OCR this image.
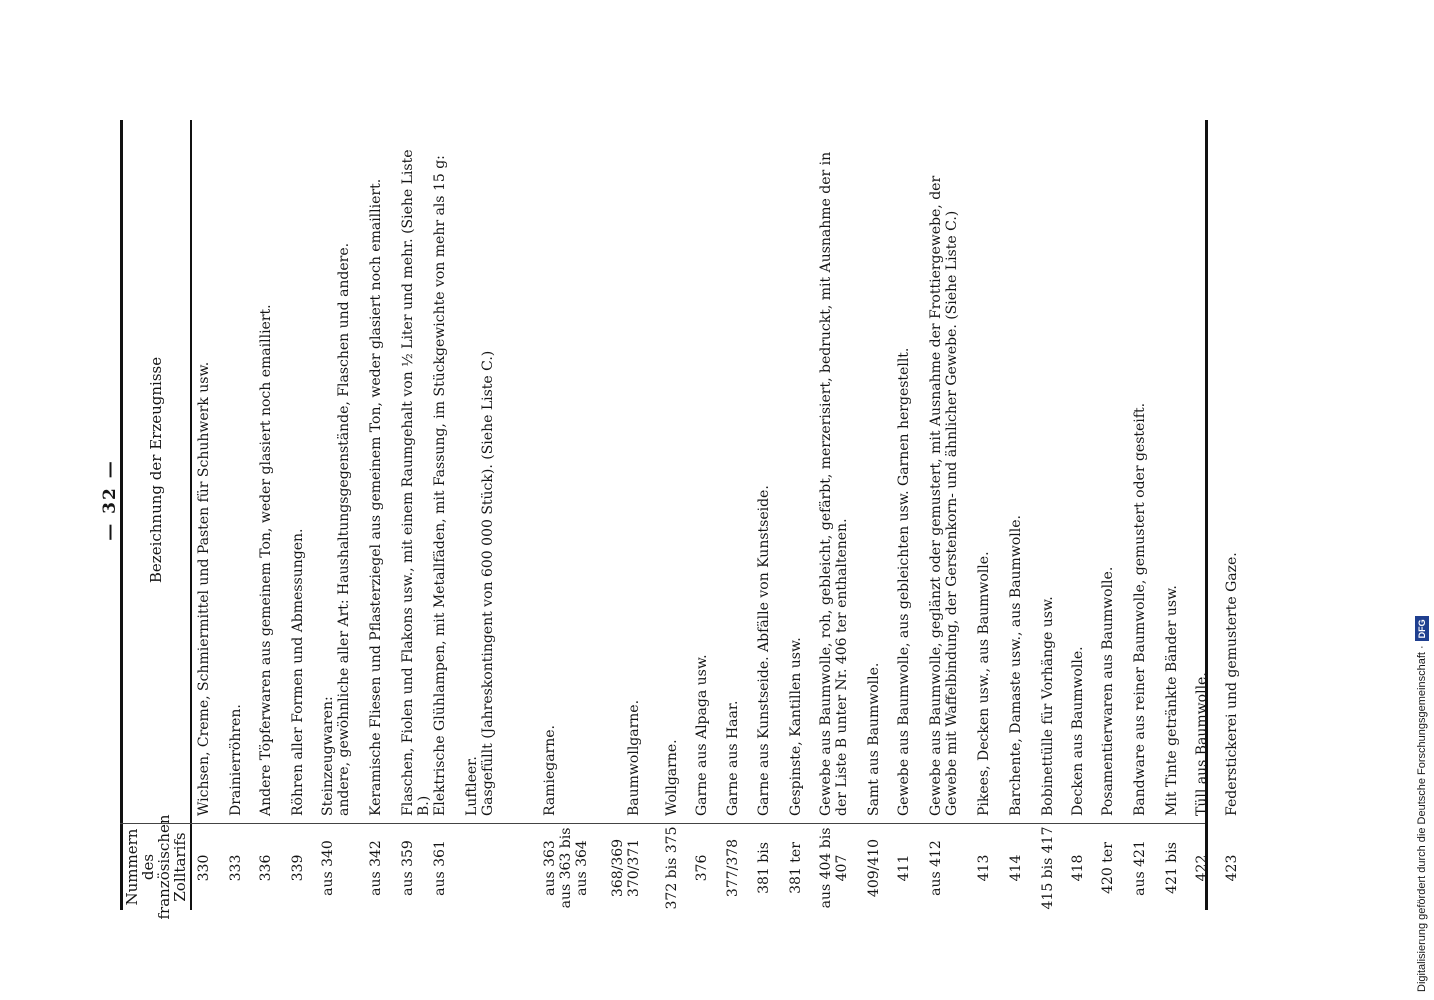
— 32 —
Nummern des französischen Zolltarifs
Bezeichnung der Erzeugnisse
330
Wichsen, Creme, Schmiermittel und Pasten für Schuhwerk usw.
333
Drainierröhren.
336
Andere Töpferwaren aus gemeinem Ton, weder glasiert noch emailliert.
339
Röhren aller Formen und Abmessungen.
aus 340
Steinzeugwaren:
andere, gewöhnliche aller Art: Haushaltungsgegenstände, Flaschen und andere.
aus 342
Keramische Fliesen und Pflasterziegel aus gemeinem Ton, weder glasiert noch emailliert.
aus 359
Flaschen, Fiolen und Flakons usw., mit einem Raumgehalt von ½ Liter und mehr. (Siehe Liste B.)
aus 361
Elektrische Glühlampen, mit Metallfäden, mit Fassung, im Stückgewichte von mehr als 15 g:

Luftleer.
Gasgefüllt (Jahreskontingent von 600 000 Stück). (Siehe Liste C.)
aus 363
aus 363 bis
aus 364
Ramiegarne.
368/369
370/371

Baumwollgarne.
372 bis 375
Wollgarne.
376
Garne aus Alpaga usw.
377/378
Garne aus Haar.
381 bis
Garne aus Kunstseide. Abfälle von Kunstseide.
381 ter
Gespinste, Kantillen usw.
aus 404 bis 407
Gewebe aus Baumwolle, roh, gebleicht, gefärbt, merzerisiert, bedruckt, mit Ausnahme der in
der Liste B unter Nr. 406 ter enthaltenen.
409/410
Samt aus Baumwolle.
411
Gewebe aus Baumwolle, aus gebleichten usw. Garnen hergestellt.
aus 412
Gewebe aus Baumwolle, geglänzt oder gemustert, mit Ausnahme der Frottiergewebe, der
Gewebe mit Waffelbindung, der Gerstenkorn- und ähnlicher Gewebe. (Siehe Liste C.)
413
Pikees, Decken usw., aus Baumwolle.
414
Barchente, Damaste usw., aus Baumwolle.
415 bis 417
Bobinettülle für Vorhänge usw.
418
Decken aus Baumwolle.
420 ter
Posamentierwaren aus Baumwolle.
aus 421
Bandware aus reiner Baumwolle, gemustert oder gesteift.
421 bis
Mit Tinte getränkte Bänder usw.
422
Tüll aus Baumwolle.
423
Federstickerei und gemusterte Gaze.	Digitalisierung gefördert durch die Deutsche Forschungsgemeinschaft ·
DFG
